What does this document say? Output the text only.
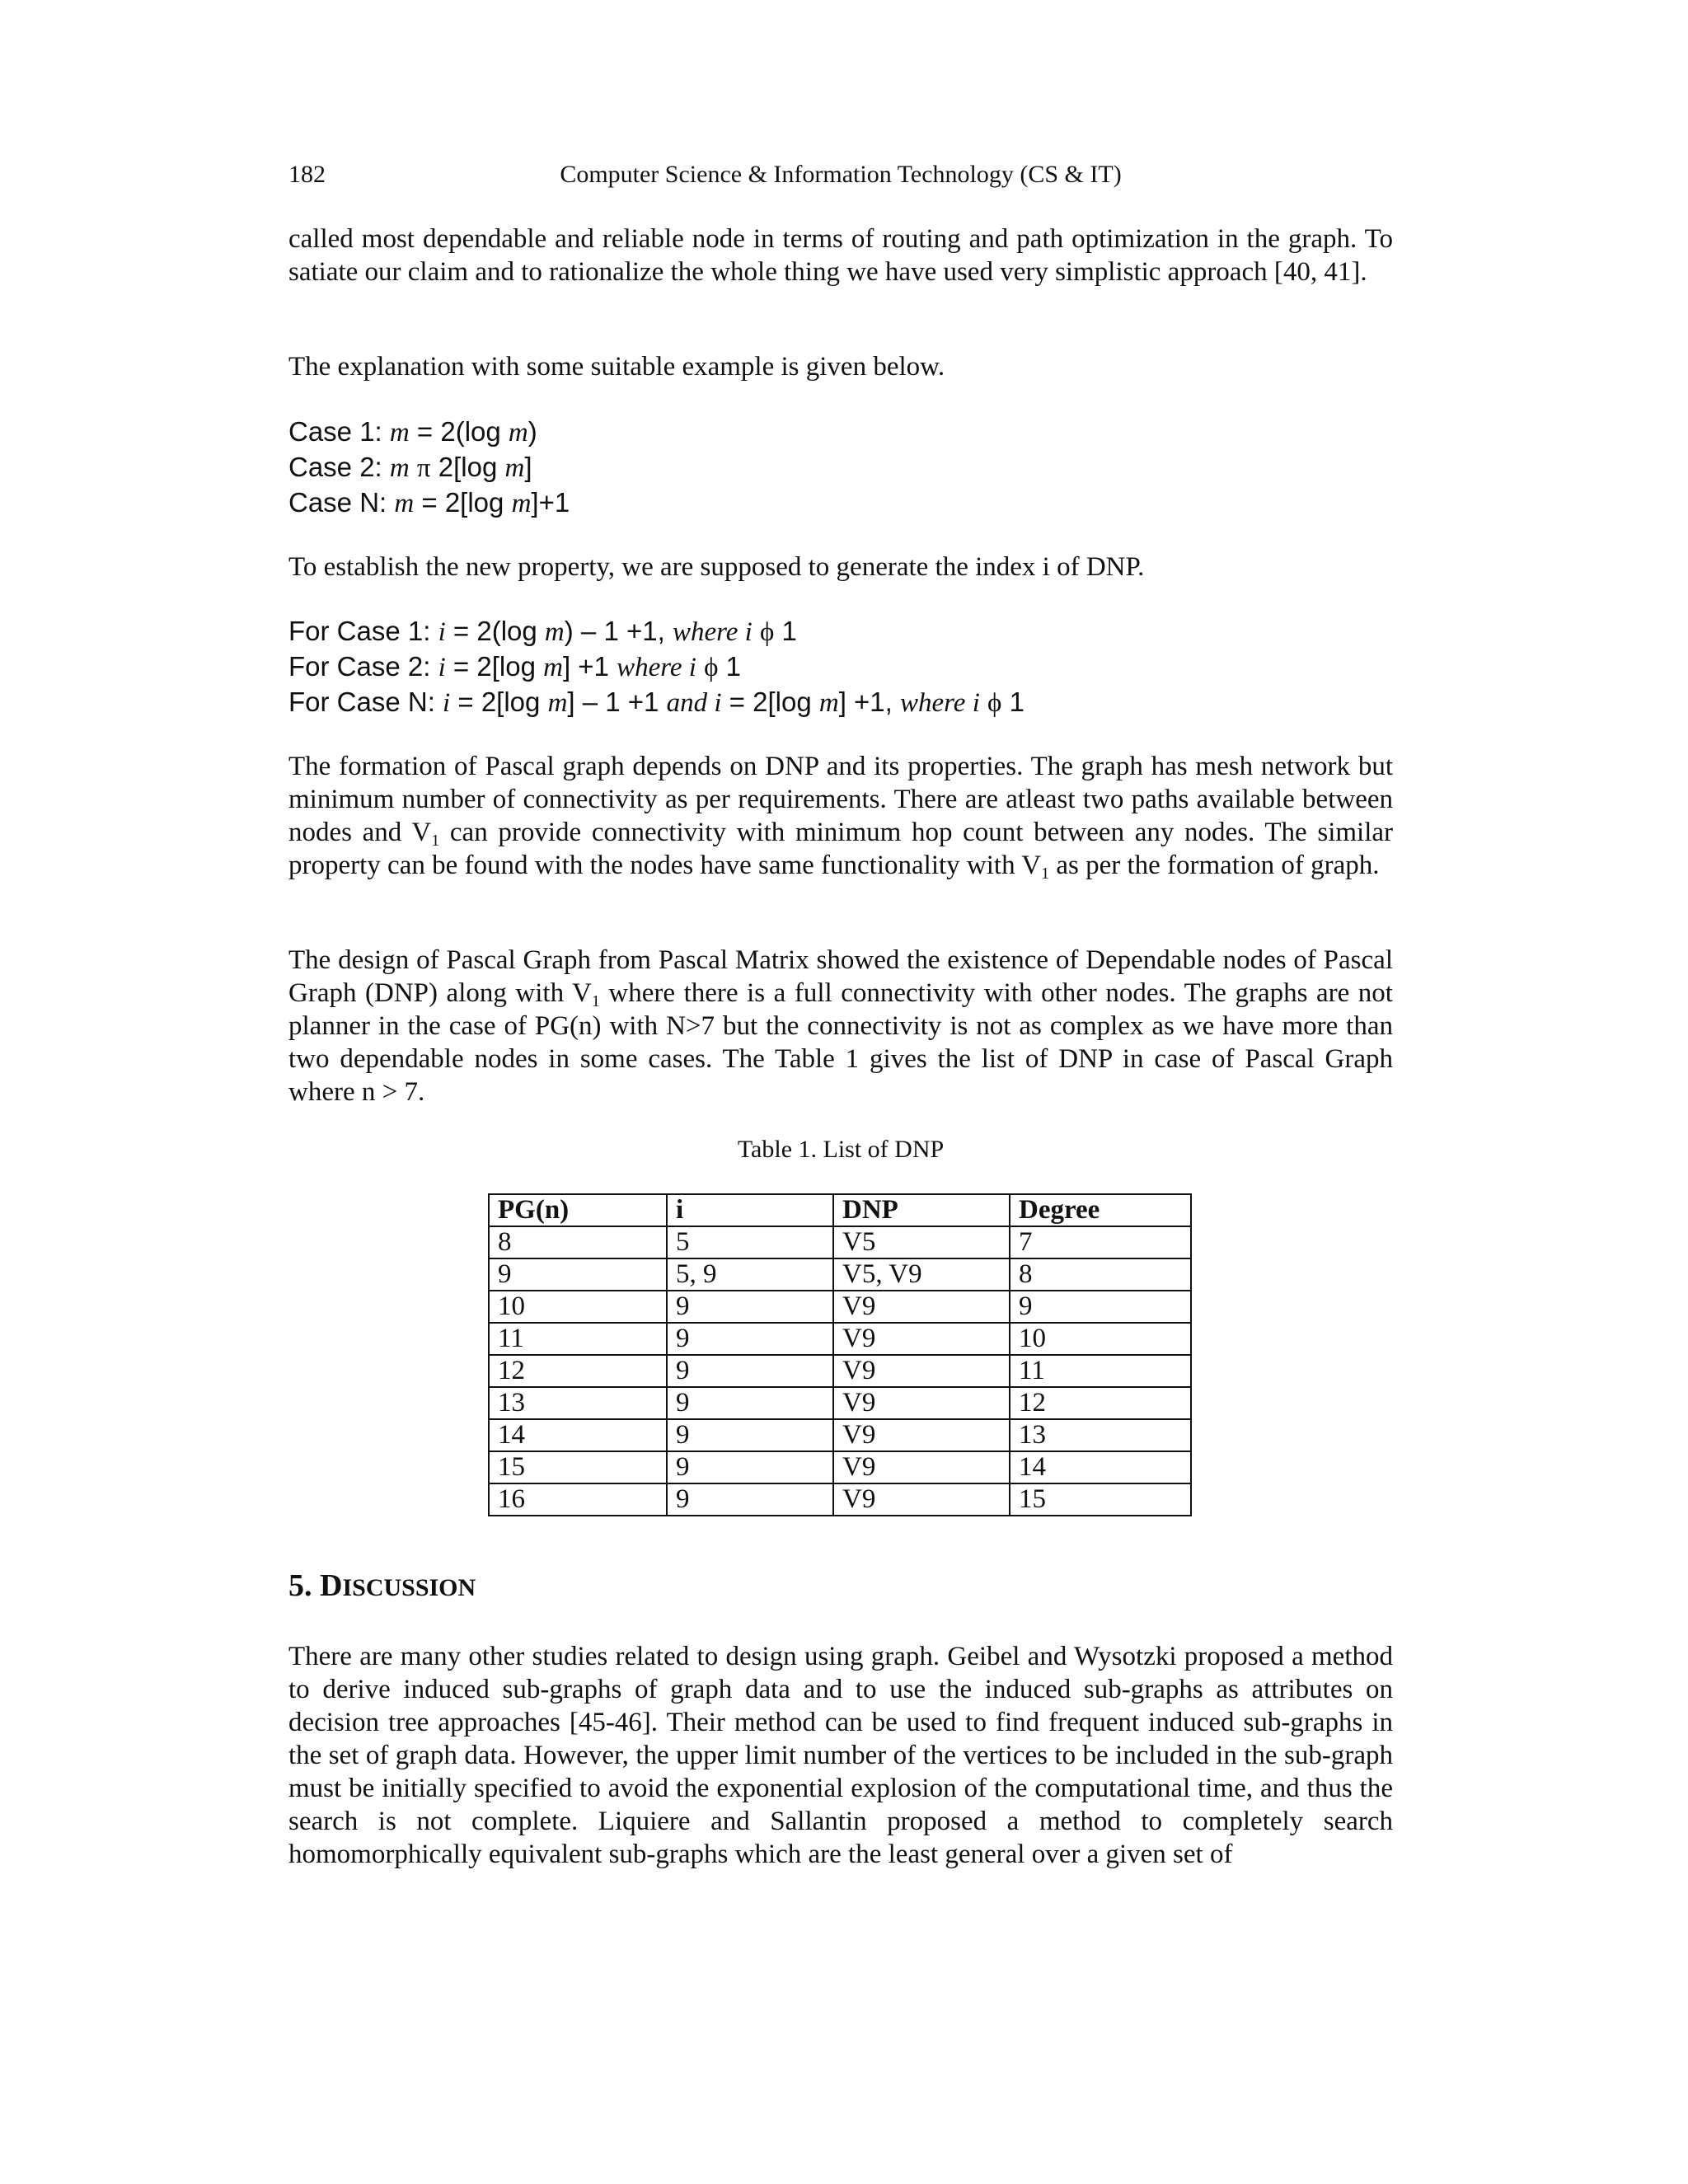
182	Computer Science & Information Technology (CS & IT)

called most dependable and reliable node in terms of routing and path optimization in the graph. To satiate our claim and to rationalize the whole thing we have used very simplistic approach [40, 41].

The explanation with some suitable example is given below.

Case 1: m = 2(log m)
Case 2: m π 2[log m]
Case N: m = 2[log m]+1

To establish the new property, we are supposed to generate the index i of DNP.

For Case 1: i = 2(log m) – 1 +1, where i ϕ 1
For Case 2: i = 2[log m] +1 where i ϕ 1
For Case N: i = 2[log m] – 1 +1 and i = 2[log m] +1, where i ϕ 1

The formation of Pascal graph depends on DNP and its properties. The graph has mesh network but minimum number of connectivity as per requirements. There are atleast two paths available between nodes and $V_1$ can provide connectivity with minimum hop count between any nodes. The similar property can be found with the nodes have same functionality with $V_1$ as per the formation of graph.

The design of Pascal Graph from Pascal Matrix showed the existence of Dependable nodes of Pascal Graph (DNP) along with $V_1$ where there is a full connectivity with other nodes. The graphs are not planner in the case of PG(n) with N>7 but the connectivity is not as complex as we have more than two dependable nodes in some cases. The Table 1 gives the list of DNP in case of Pascal Graph where n > 7.

Table 1. List of DNP
PG(n)	i	DNP	Degree
8	5	V5	7
9	5, 9	V5, V9	8
10	9	V9	9
11	9	V9	10
12	9	V9	11
13	9	V9	12
14	9	V9	13
15	9	V9	14
16	9	V9	15
5. DISCUSSION

There are many other studies related to design using graph. Geibel and Wysotzki proposed a method to derive induced sub-graphs of graph data and to use the induced sub-graphs as attributes on decision tree approaches [45-46]. Their method can be used to find frequent induced sub-graphs in the set of graph data. However, the upper limit number of the vertices to be included in the sub-graph must be initially specified to avoid the exponential explosion of the computational time, and thus the search is not complete. Liquiere and Sallantin proposed a method to completely search homomorphically equivalent sub-graphs which are the least general over a given set of
